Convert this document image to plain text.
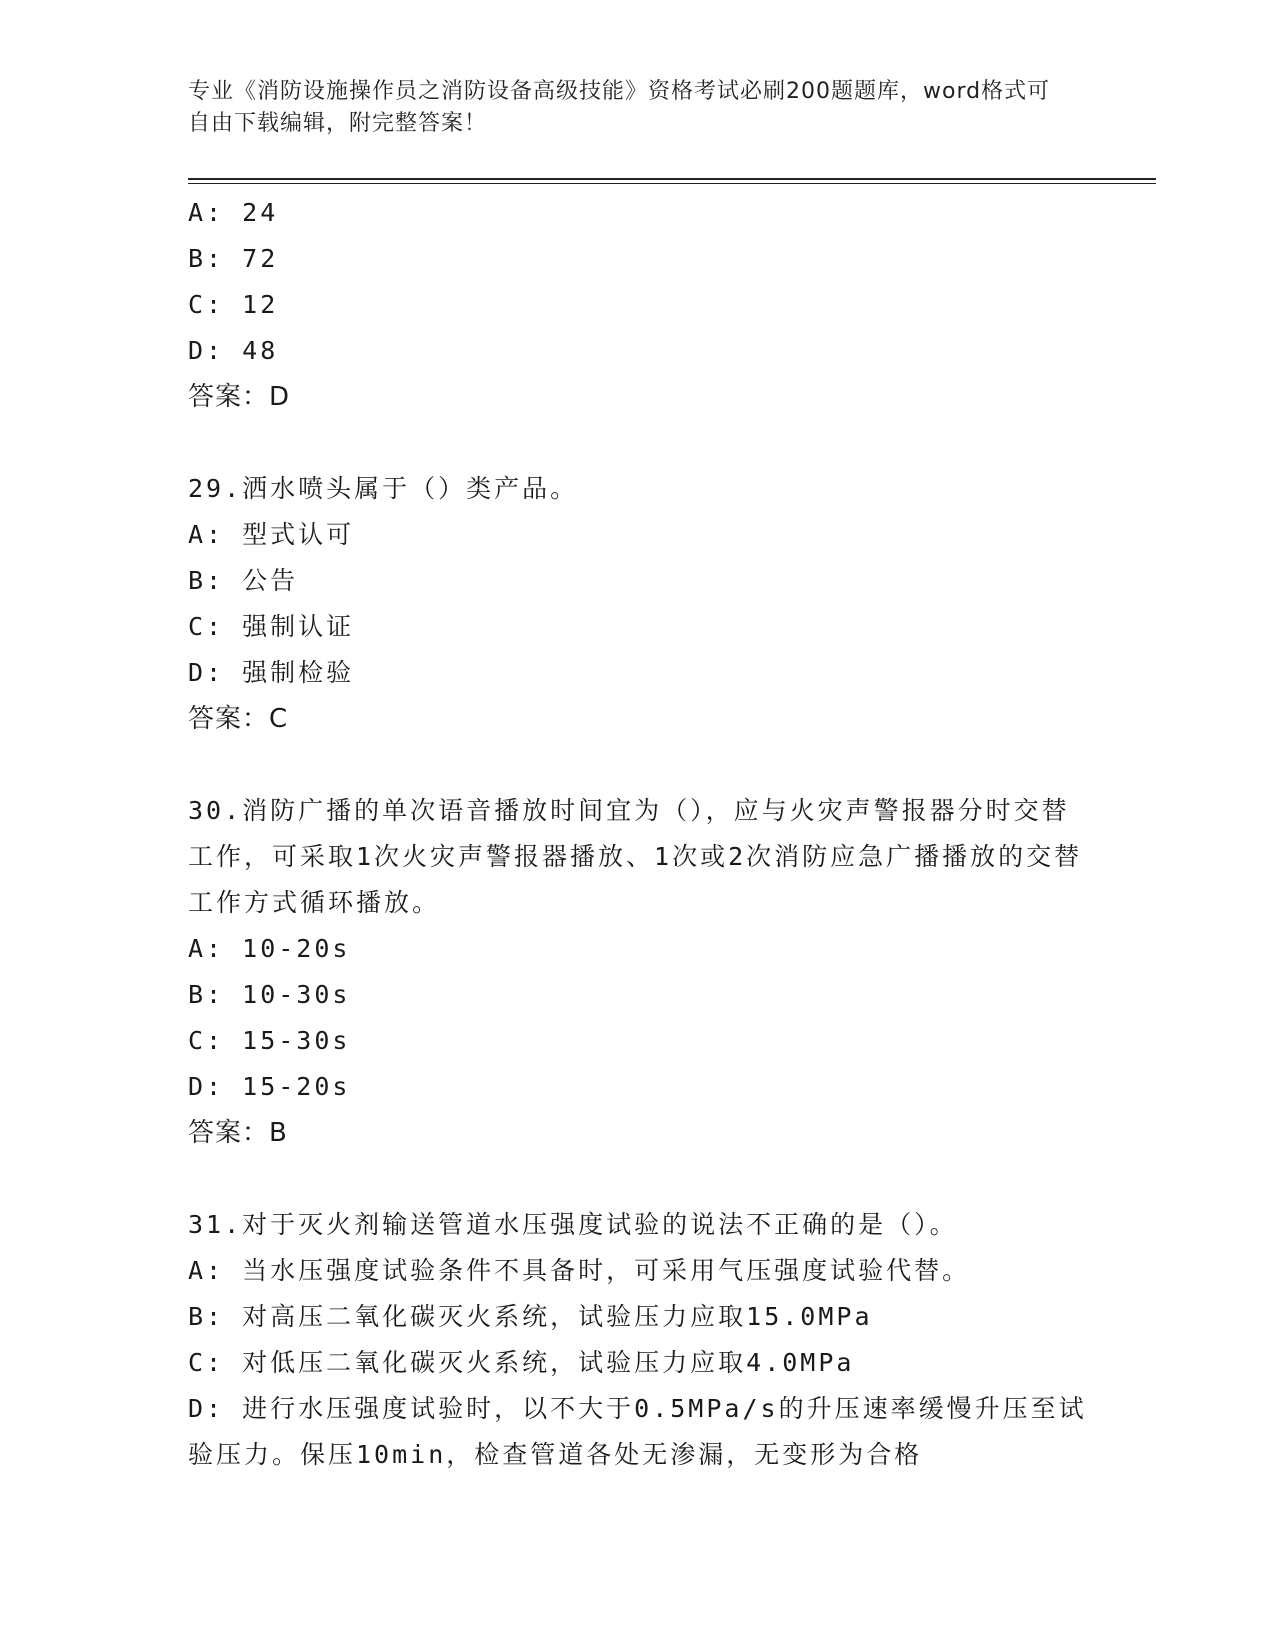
专业《消防设施操作员之消防设备高级技能》资格考试必刷200题题库，word格式可自由下载编辑，附完整答案！
A: 24
B: 72
C: 12
D: 48
答案：D
29.洒水喷头属于（）类产品。
A: 型式认可
B: 公告
C: 强制认证
D: 强制检验
答案：C
30.消防广播的单次语音播放时间宜为（），应与火灾声警报器分时交替工作，可采取1次火灾声警报器播放、1次或2次消防应急广播播放的交替工作方式循环播放。
A: 10-20s
B: 10-30s
C: 15-30s
D: 15-20s
答案：B
31.对于灭火剂输送管道水压强度试验的说法不正确的是（）。
A: 当水压强度试验条件不具备时，可采用气压强度试验代替。
B: 对高压二氧化碳灭火系统，试验压力应取15.0MPa
C: 对低压二氧化碳灭火系统，试验压力应取4.0MPa
D: 进行水压强度试验时，以不大于0.5MPa/s的升压速率缓慢升压至试验压力。保压10min，检查管道各处无渗漏，无变形为合格
